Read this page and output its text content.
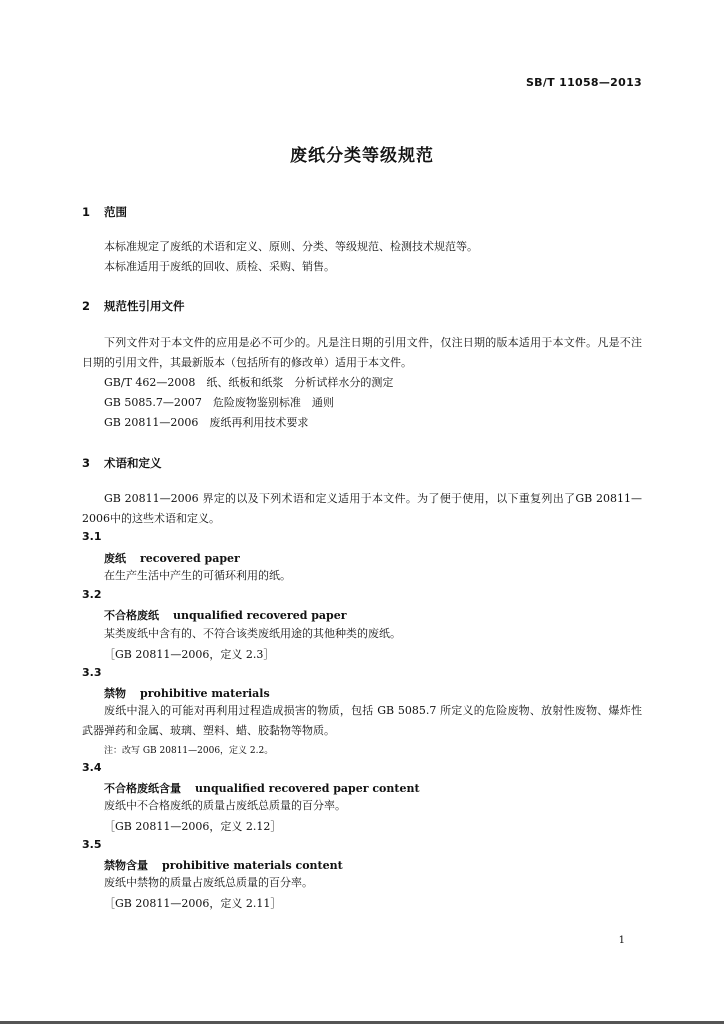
SB/T 11058—2013
废纸分类等级规范
1 范围
本标准规定了废纸的术语和定义、原则、分类、等级规范、检测技术规范等。
本标准适用于废纸的回收、质检、采购、销售。
2 规范性引用文件
下列文件对于本文件的应用是必不可少的。凡是注日期的引用文件，仅注日期的版本适用于本文件。凡是不注日期的引用文件，其最新版本（包括所有的修改单）适用于本文件。
GB/T 462—2008　纸、纸板和纸浆　分析试样水分的测定
GB 5085.7—2007　危险废物鉴别标准　通则
GB 20811—2006　废纸再利用技术要求
3 术语和定义
GB 20811—2006 界定的以及下列术语和定义适用于本文件。为了便于使用，以下重复列出了GB 20811—2006中的这些术语和定义。
3.1
废纸 recovered paper
在生产生活中产生的可循环利用的纸。
3.2
不合格废纸 unqualified recovered paper
某类废纸中含有的、不符合该类废纸用途的其他种类的废纸。
［GB 20811—2006，定义 2.3］
3.3
禁物 prohibitive materials
废纸中混入的可能对再利用过程造成损害的物质，包括 GB 5085.7 所定义的危险废物、放射性废物、爆炸性武器弹药和金属、玻璃、塑料、蜡、胶黏物等物质。
注：改写 GB 20811—2006，定义 2.2。
3.4
不合格废纸含量 unqualified recovered paper content
废纸中不合格废纸的质量占废纸总质量的百分率。
［GB 20811—2006，定义 2.12］
3.5
禁物含量 prohibitive materials content
废纸中禁物的质量占废纸总质量的百分率。
［GB 20811—2006，定义 2.11］
1
